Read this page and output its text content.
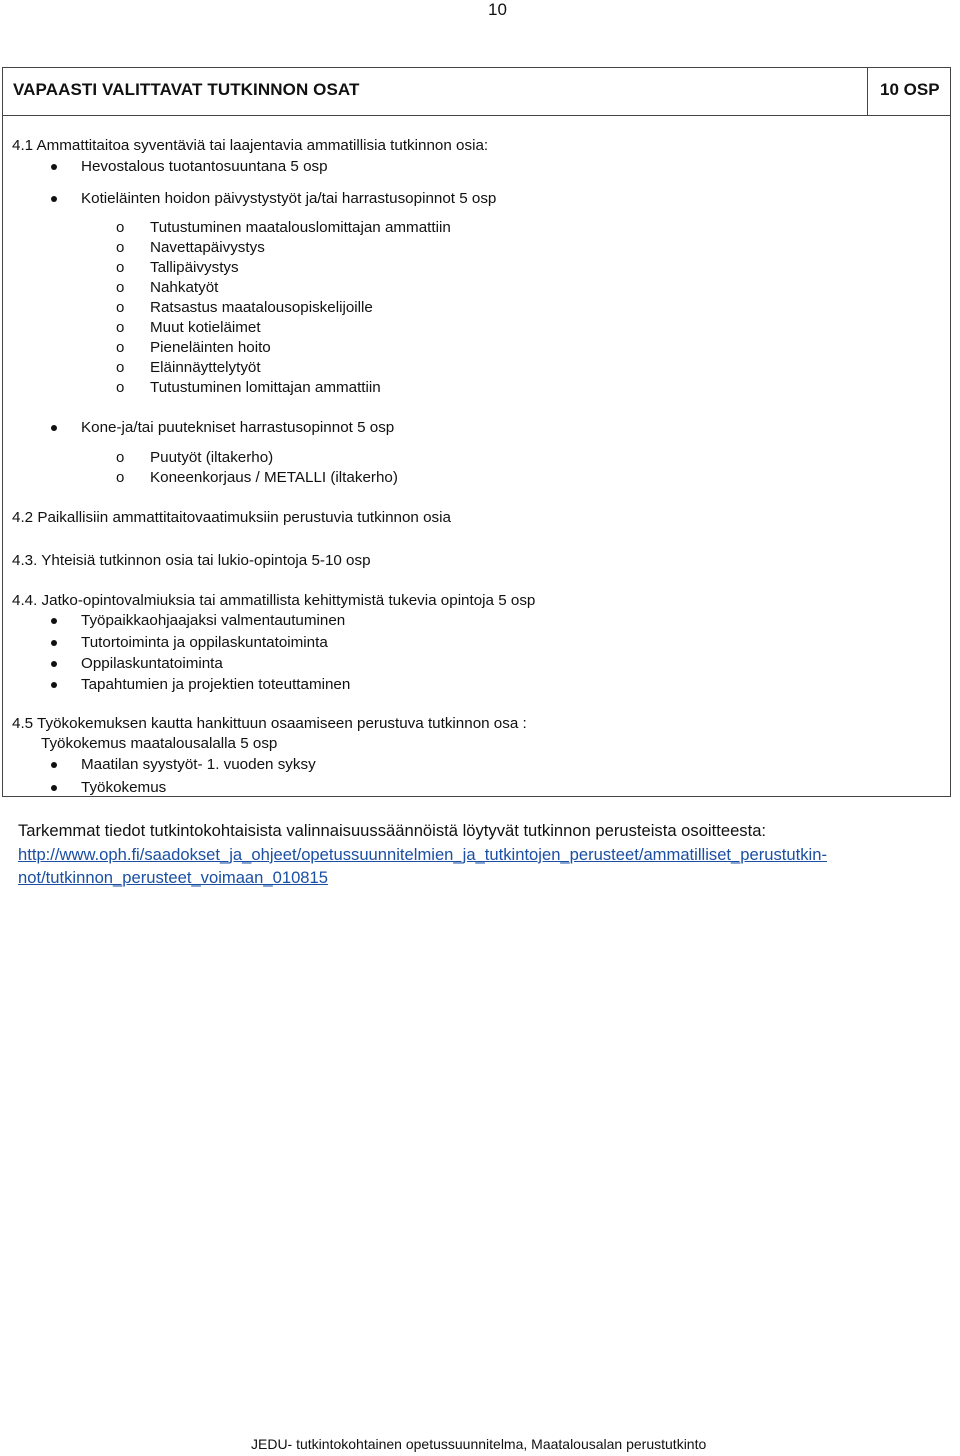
10
VAPAASTI VALITTAVAT TUTKINNON OSAT	10 OSP
4.1 Ammattitaitoa syventäviä tai laajentavia ammatillisia tutkinnon osia:
Hevostalous tuotantosuuntana 5 osp
Kotieläinten hoidon päivystystyöt ja/tai harrastusopinnot 5 osp
o Tutustuminen maatalouslomittajan ammattiin
o Navettapäivystys
o Tallipäivystys
o Nahkatyöt
o Ratsastus maatalousopiskelijoille
o Muut kotieläimet
o Pieneläinten hoito
o Eläinnäyttelytyöt
o Tutustuminen lomittajan ammattiin
Kone-ja/tai puutekniset harrastusopinnot 5 osp
o Puutyöt (iltakerho)
o Koneenkorjaus / METALLI (iltakerho)
4.2 Paikallisiin ammattitaitovaatimuksiin perustuvia tutkinnon osia
4.3. Yhteisiä tutkinnon osia tai lukio-opintoja 5-10 osp
4.4. Jatko-opintovalmiuksia tai ammatillista kehittymistä tukevia opintoja 5 osp
Työpaikkaohjaajaksi valmentautuminen
Tutortoiminta ja oppilaskuntatoiminta
Oppilaskuntatoiminta
Tapahtumien ja projektien toteuttaminen
4.5 Työkokemuksen kautta hankittuun osaamiseen perustuva tutkinnon osa :
Työkokemus maatalousalalla 5 osp
Maatilan syystyöt- 1. vuoden syksy
Työkokemus
Tarkemmat tiedot tutkintokohtaisista valinnaisuussäännöistä löytyvät tutkinnon perusteista osoitteesta:
http://www.oph.fi/saadokset_ja_ohjeet/opetussuunnitelmien_ja_tutkintojen_perusteet/ammatilliset_perustutkin-
not/tutkinnon_perusteet_voimaan_010815
JEDU- tutkintokohtainen opetussuunnitelma, Maatalousalan perustutkinto
